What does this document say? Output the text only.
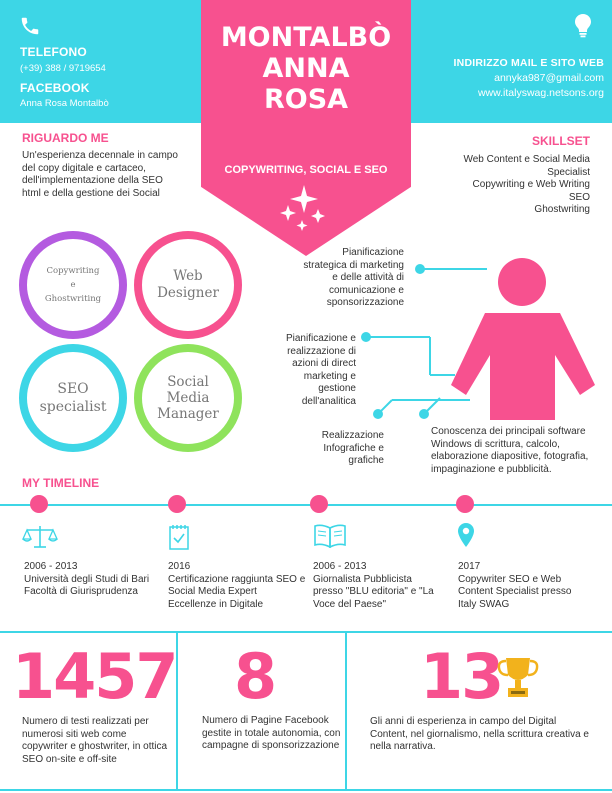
TELEFONO
(+39) 388 / 9719654
FACEBOOK
Anna Rosa Montalbò
INDIRIZZO MAIL E SITO WEB
annyka987@gmail.com
www.italyswag.netsons.org
MONTALBÒ
ANNA
ROSA
COPYWRITING, SOCIAL E SEO
RIGUARDO ME
Un'esperienza decennale in campo del copy digitale e cartaceo, dell'implementazione della SEO html e della gestione dei Social
SKILLSET
Web Content e Social Media
Specialist
Copywriting e Web Writing
SEO
Ghostwriting
Copywriting e Ghostwriting
Web Designer
SEO specialist
Social Media Manager
Pianificazione strategica di marketing e delle attività di comunicazione e sponsorizzazione
Pianificazione e realizzazione di azioni di direct marketing e gestione dell'analitica
Realizzazione Infografiche e grafiche
Conoscenza dei principali software Windows di scrittura, calcolo, elaborazione diapositive, fotografia, impaginazione e pubblicità.
MY TIMELINE
2006 - 2013
Università degli Studi di Bari Facoltà di Giurisprudenza
2016
Certificazione raggiunta SEO e Social Media Expert Eccellenze in Digitale
2006 - 2013
Giornalista Pubblicista presso "BLU editoria" e "La Voce del Paese"
2017
Copywriter SEO e Web Content Specialist presso Italy SWAG
1457
Numero di testi realizzati per numerosi siti web come copywriter e ghostwriter, in ottica SEO on-site e off-site
8
Numero di Pagine Facebook gestite in totale autonomia, con campagne di sponsorizzazione
13
Gli anni di esperienza in campo del Digital Content, nel giornalismo, nella scrittura creativa e nella narrativa.
